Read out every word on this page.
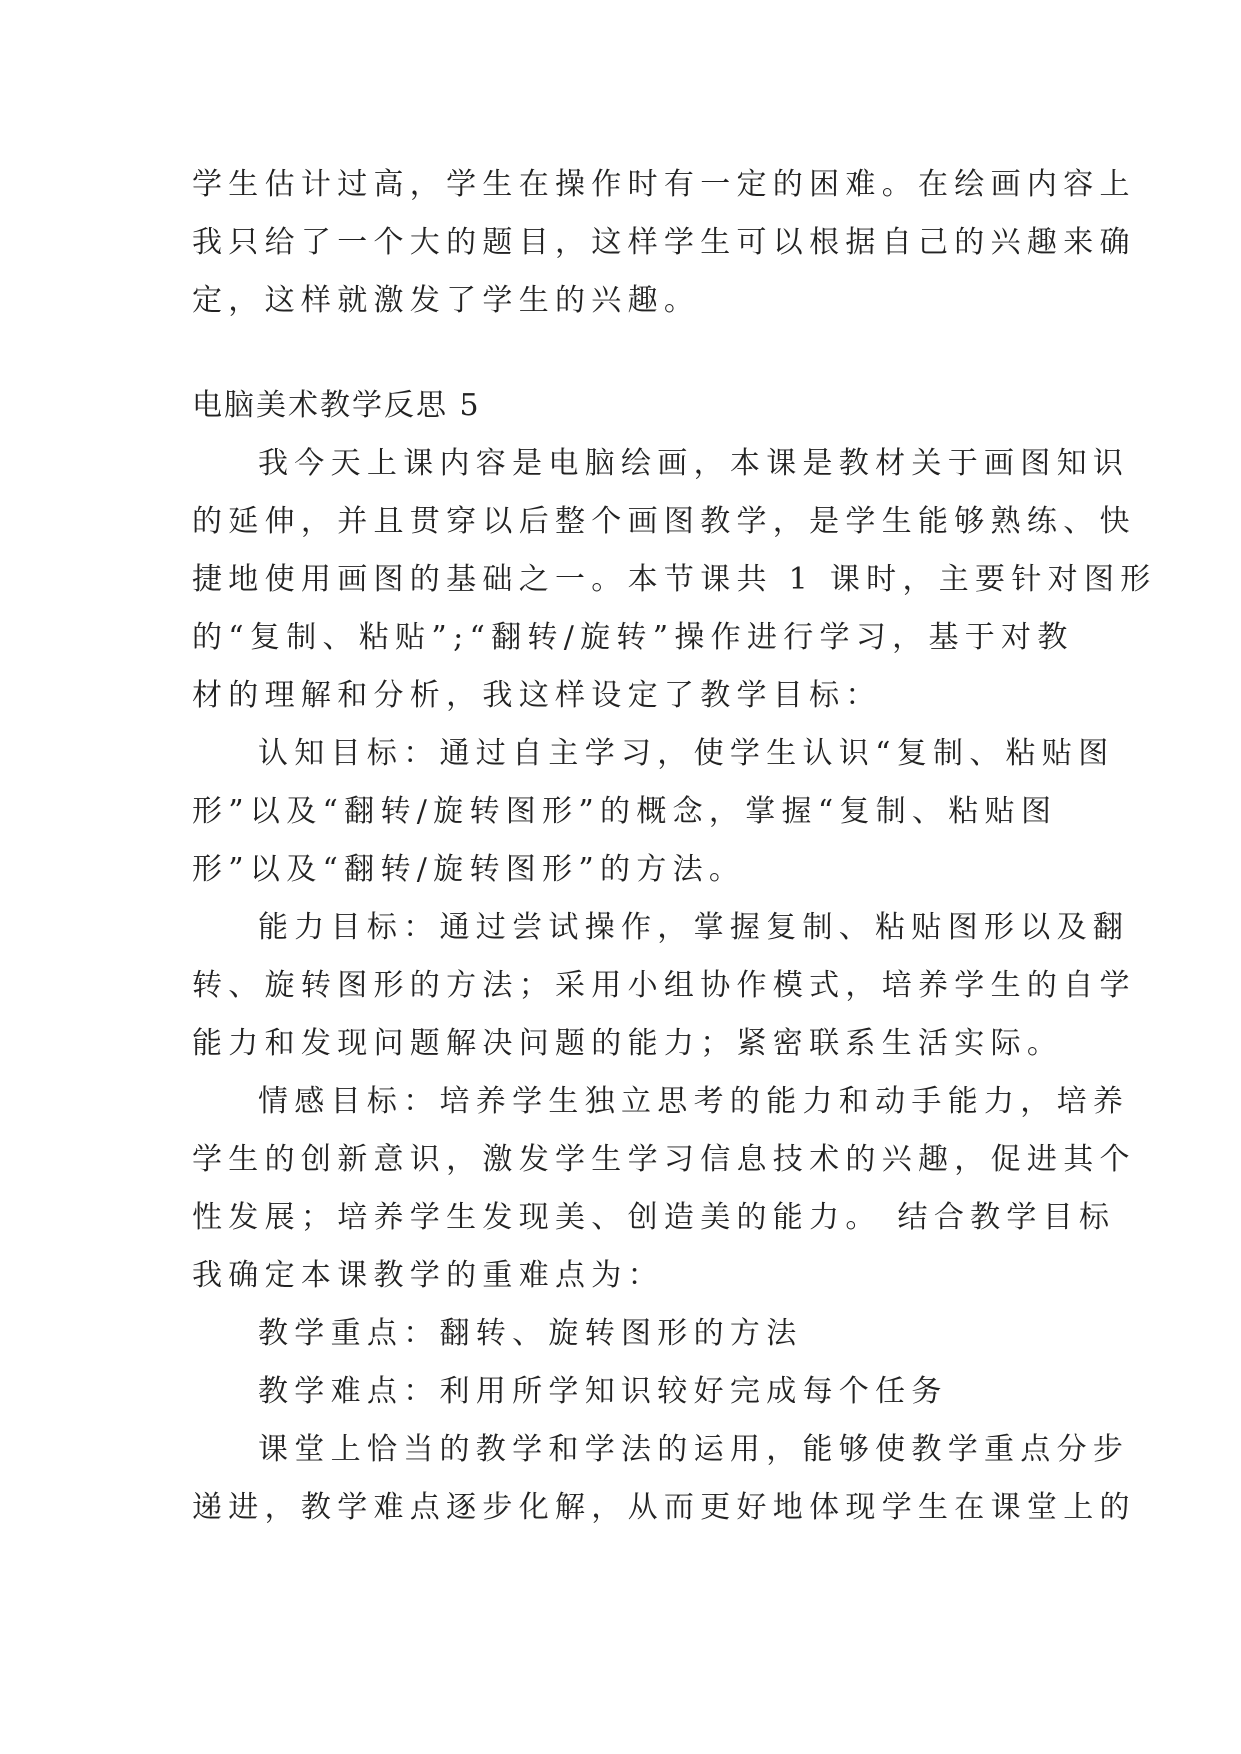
学生估计过高，学生在操作时有一定的困难。在绘画内容上
我只给了一个大的题目，这样学生可以根据自己的兴趣来确
定，这样就激发了学生的兴趣。
电脑美术教学反思 5
我今天上课内容是电脑绘画，本课是教材关于画图知识
的延伸，并且贯穿以后整个画图教学，是学生能够熟练、快
捷地使用画图的基础之一。本节课共 1 课时，主要针对图形
的“复制、粘贴”;“翻转/旋转”操作进行学习，基于对教
材的理解和分析，我这样设定了教学目标：
认知目标：通过自主学习，使学生认识“复制、粘贴图
形”以及“翻转/旋转图形”的概念，掌握“复制、粘贴图
形”以及“翻转/旋转图形”的方法。
能力目标：通过尝试操作，掌握复制、粘贴图形以及翻
转、旋转图形的方法；采用小组协作模式，培养学生的自学
能力和发现问题解决问题的能力；紧密联系生活实际。
情感目标：培养学生独立思考的能力和动手能力，培养
学生的创新意识，激发学生学习信息技术的兴趣，促进其个
性发展；培养学生发现美、创造美的能力。 结合教学目标
我确定本课教学的重难点为：
教学重点：翻转、旋转图形的方法
教学难点：利用所学知识较好完成每个任务
课堂上恰当的教学和学法的运用，能够使教学重点分步
递进，教学难点逐步化解，从而更好地体现学生在课堂上的
